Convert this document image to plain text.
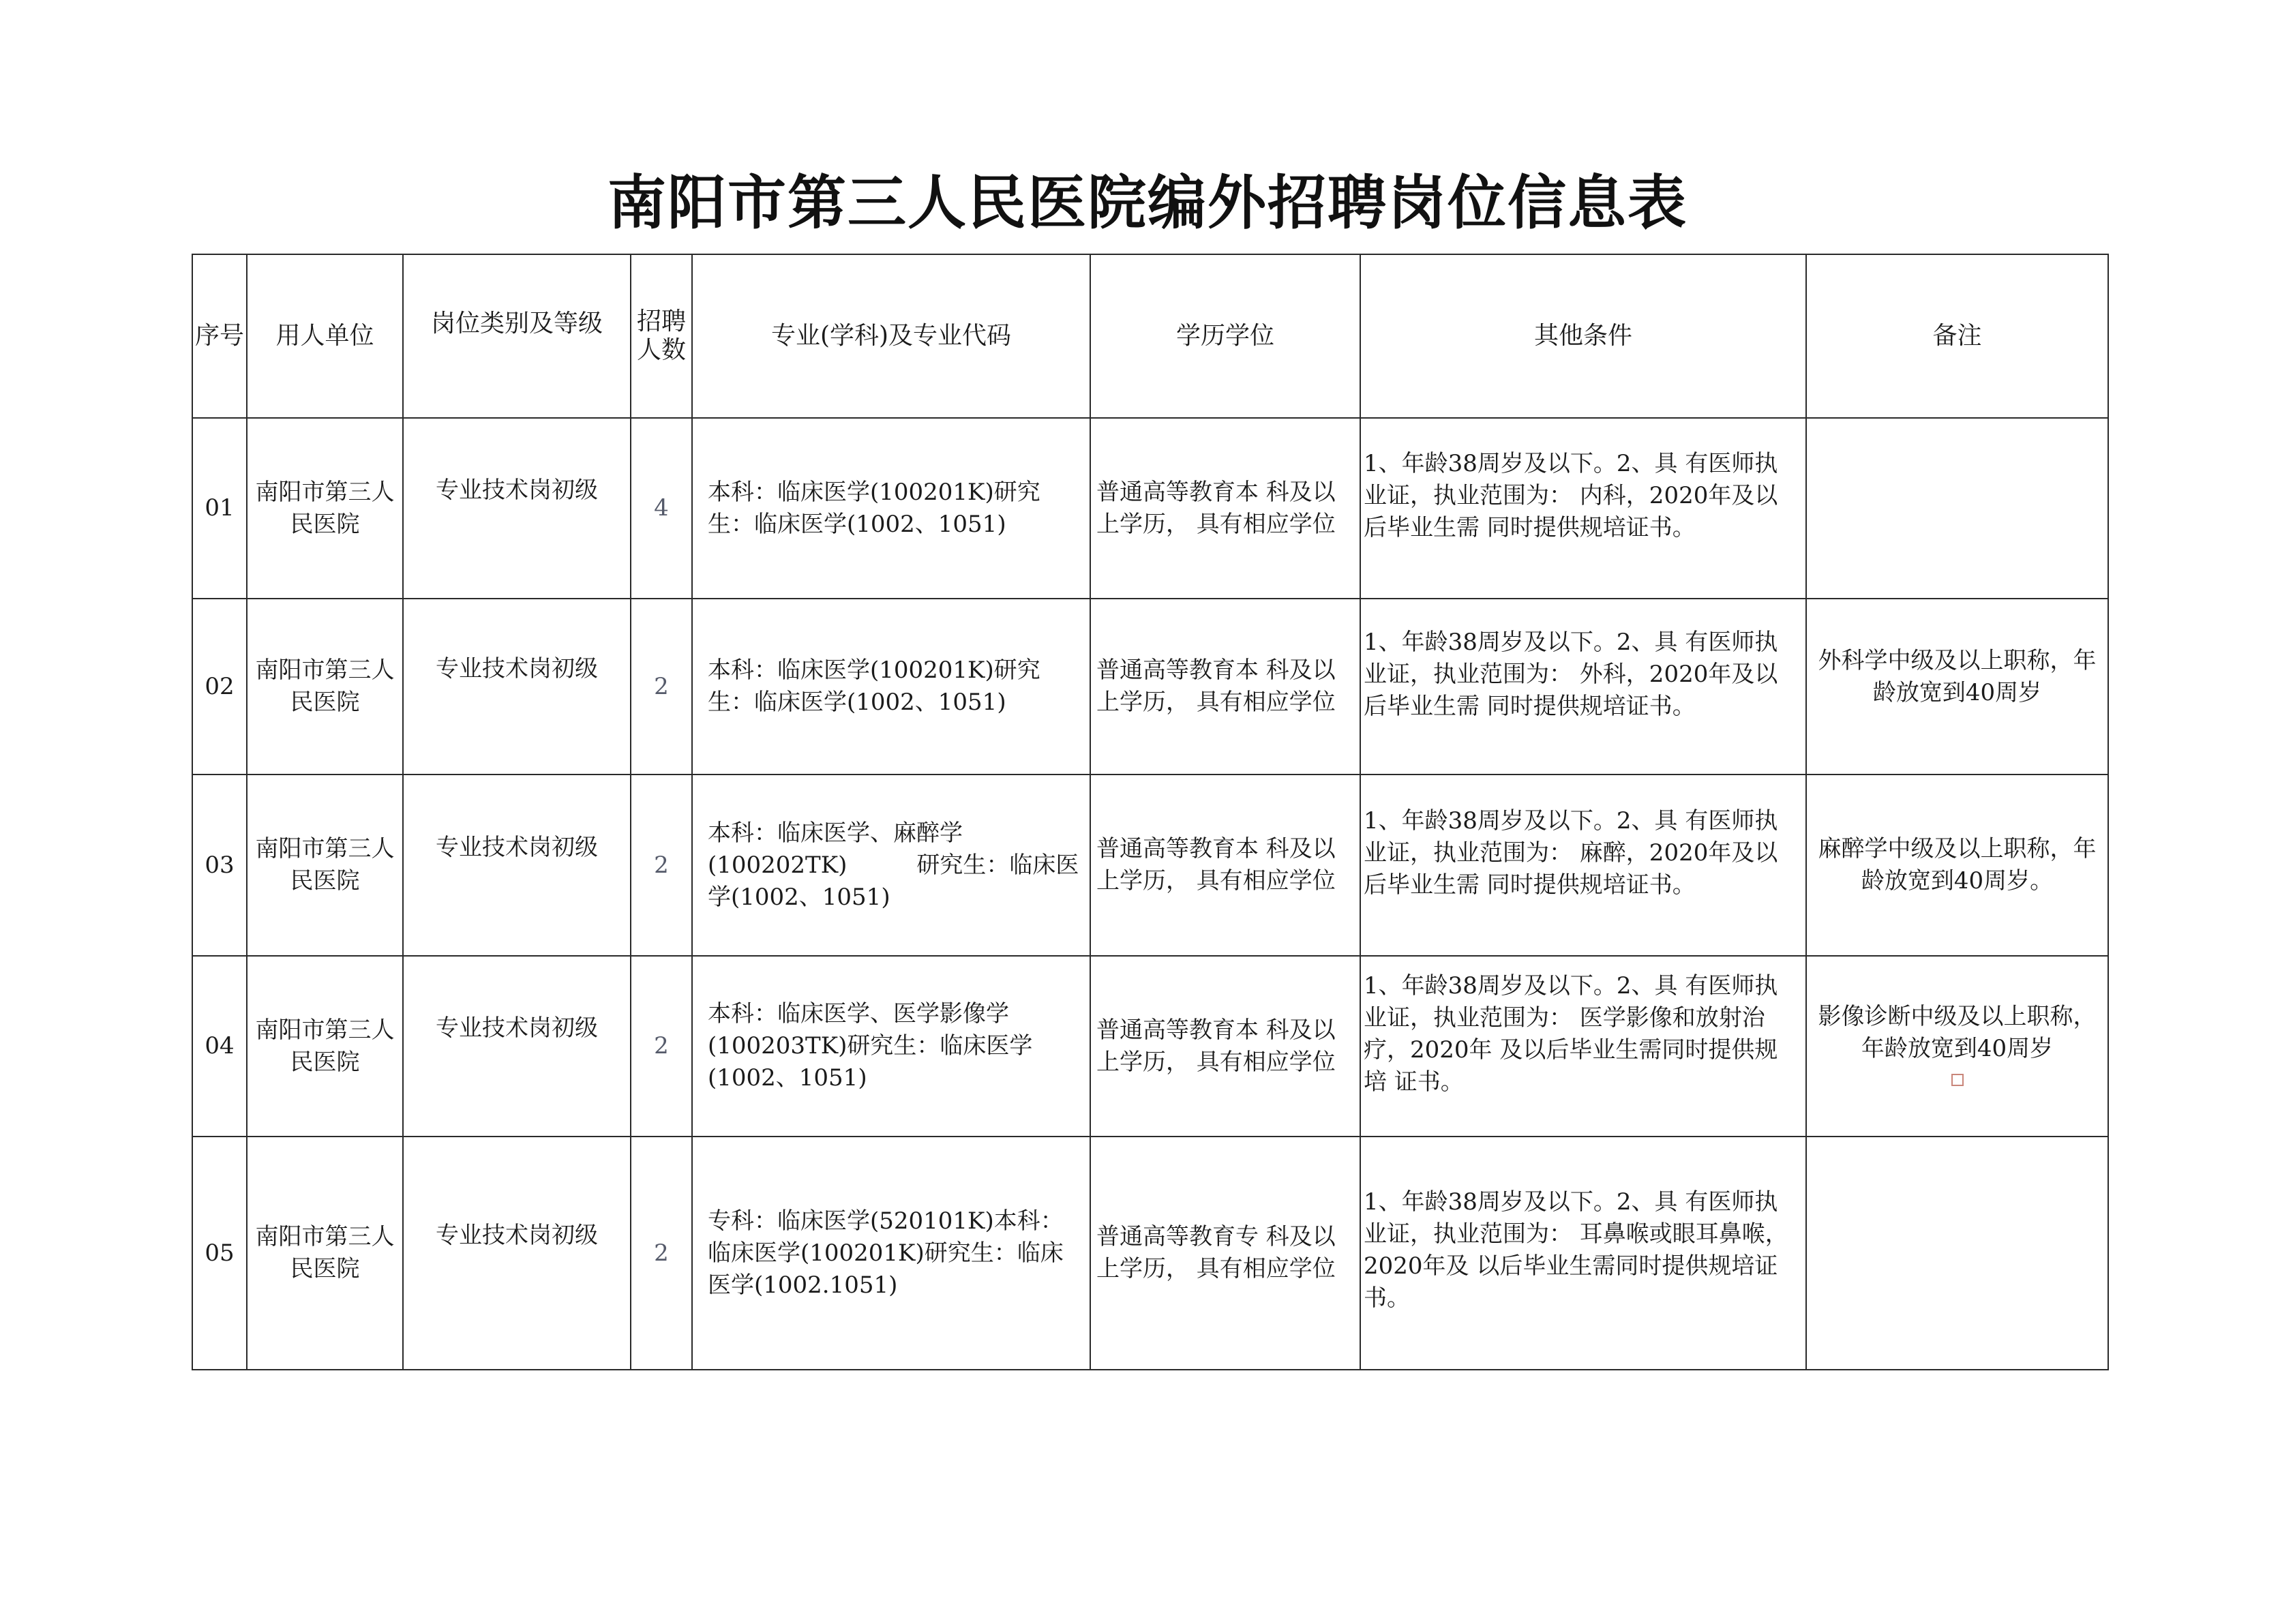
南阳市第三人民医院编外招聘岗位信息表
序号	用人单位	岗位类别及等级	招聘人数	专业(学科)及专业代码	学历学位	其他条件	备注
01	南阳市第三人民医院	专业技术岗初级	4	本科：临床医学(100201K)研究生：临床医学(1002、1051)	普通高等教育本 科及以上学历， 具有相应学位	1、年龄38周岁及以下。2、具 有医师执业证，执业范围为： 内科，2020年及以后毕业生需 同时提供规培证书。	

02	南阳市第三人民医院	专业技术岗初级	2	本科：临床医学(100201K)研究生：临床医学(1002、1051)	普通高等教育本 科及以上学历， 具有相应学位	1、年龄38周岁及以下。2、具 有医师执业证，执业范围为： 外科，2020年及以后毕业生需 同时提供规培证书。	外科学中级及以上职称，年龄放宽到40周岁

03	南阳市第三人民医院	专业技术岗初级	2	本科：临床医学、麻醉学(100202TK)　　　研究生：临床医学(1002、1051)	普通高等教育本 科及以上学历， 具有相应学位	1、年龄38周岁及以下。2、具 有医师执业证，执业范围为： 麻醉，2020年及以后毕业生需 同时提供规培证书。	麻醉学中级及以上职称，年龄放宽到40周岁。
04	南阳市第三人民医院	专业技术岗初级	2	本科：临床医学、医学影像学(100203TK)研究生：临床医学(1002、1051)	普通高等教育本 科及以上学历， 具有相应学位	1、年龄38周岁及以下。2、具 有医师执业证，执业范围为： 医学影像和放射治疗，2020年 及以后毕业生需同时提供规培 证书。	影像诊断中级及以上职称，年龄放宽到40周岁

05	南阳市第三人民医院	专业技术岗初级	2	专科：临床医学(520101K)本科：临床医学(100201K)研究生：临床医学(1002.1051)	普通高等教育专 科及以上学历， 具有相应学位	1、年龄38周岁及以下。2、具 有医师执业证，执业范围为： 耳鼻喉或眼耳鼻喉，2020年及 以后毕业生需同时提供规培证 书。	
